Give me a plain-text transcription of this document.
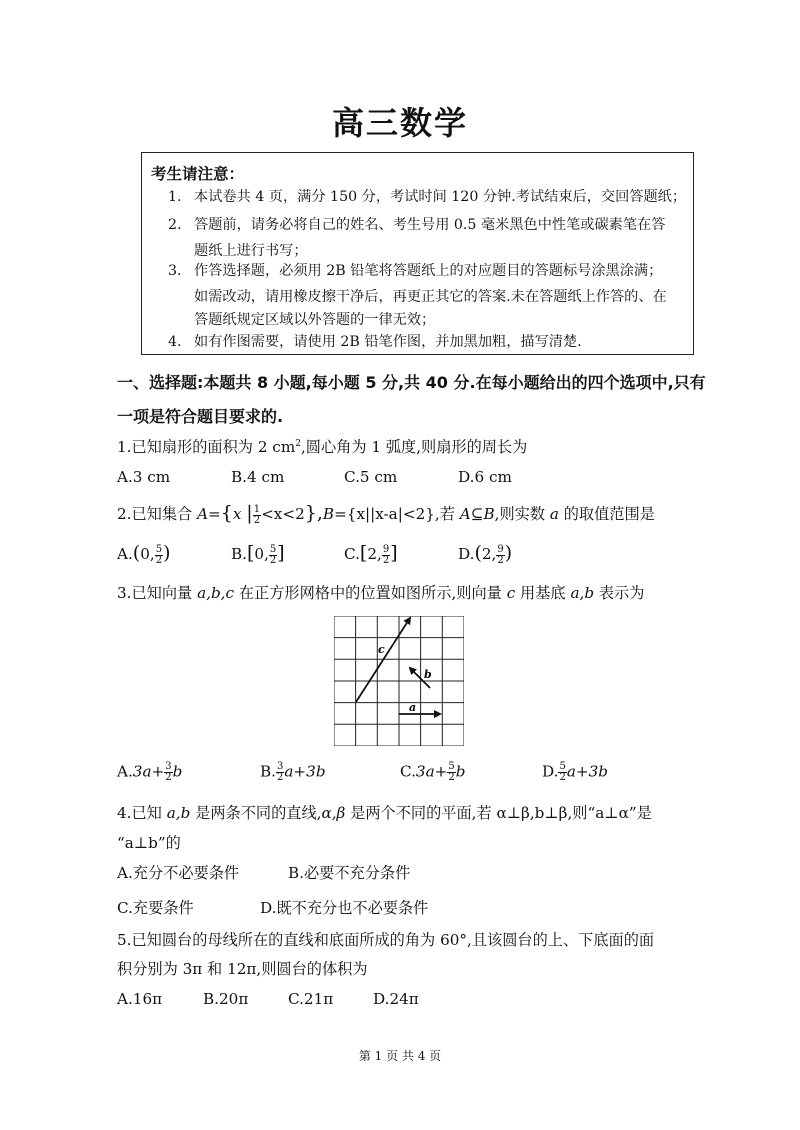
高三数学
考生请注意：
1. 本试卷共 4 页，满分 150 分，考试时间 120 分钟.考试结束后，交回答题纸；
2. 答题前，请务必将自己的姓名、考生号用 0.5 毫米黑色中性笔或碳素笔在答
题纸上进行书写；
3. 作答选择题，必须用 2B 铅笔将答题纸上的对应题目的答题标号涂黑涂满；
如需改动，请用橡皮擦干净后，再更正其它的答案.未在答题纸上作答的、在
答题纸规定区域以外答题的一律无效；
4. 如有作图需要，请使用 2B 铅笔作图，并加黑加粗，描写清楚.
一、选择题:本题共 8 小题,每小题 5 分,共 40 分.在每小题给出的四个选项中,只有
一项是符合题目要求的.
1.已知扇形的面积为 2 $cm^2$,圆心角为 1 弧度,则扇形的周长为
A.3 cm	B.4 cm	C.5 cm	D.6 cm
2.已知集合 A={x | $\frac{1}{2} <x<2\},B=\{x||x-a|<2\}$,若 A⊆B,则实数 a 的取值范围是
A.(0, $\frac{5}{2}$ )	B.[0, $\frac{5}{2}$ ]	C.[2, $\frac{9}{2}$ ]	D.(2, $\frac{9}{2}$ )
3.已知向量 a,b,c 在正方形网格中的位置如图所示,则向量 c 用基底 a,b 表示为
c
b
a
$A.3a+ \frac{3}{2}$ b	B. $\frac{3}{2} a+3b$	$C.3a+ \frac{5}{2}$ b	D. $\frac{5}{2} a+3b$
4.已知 a,b 是两条不同的直线,α,β 是两个不同的平面,若 α⊥β,b⊥β,则“a⊥α”是
“a⊥b”的
A.充分不必要条件	B.必要不充分条件
C.充要条件	D.既不充分也不必要条件
5.已知圆台的母线所在的直线和底面所成的角为 60°,且该圆台的上、下底面的面
积分别为 3π 和 12π,则圆台的体积为
A.16π	B.20π	C.21π	D.24π
第 1 页 共 4 页
